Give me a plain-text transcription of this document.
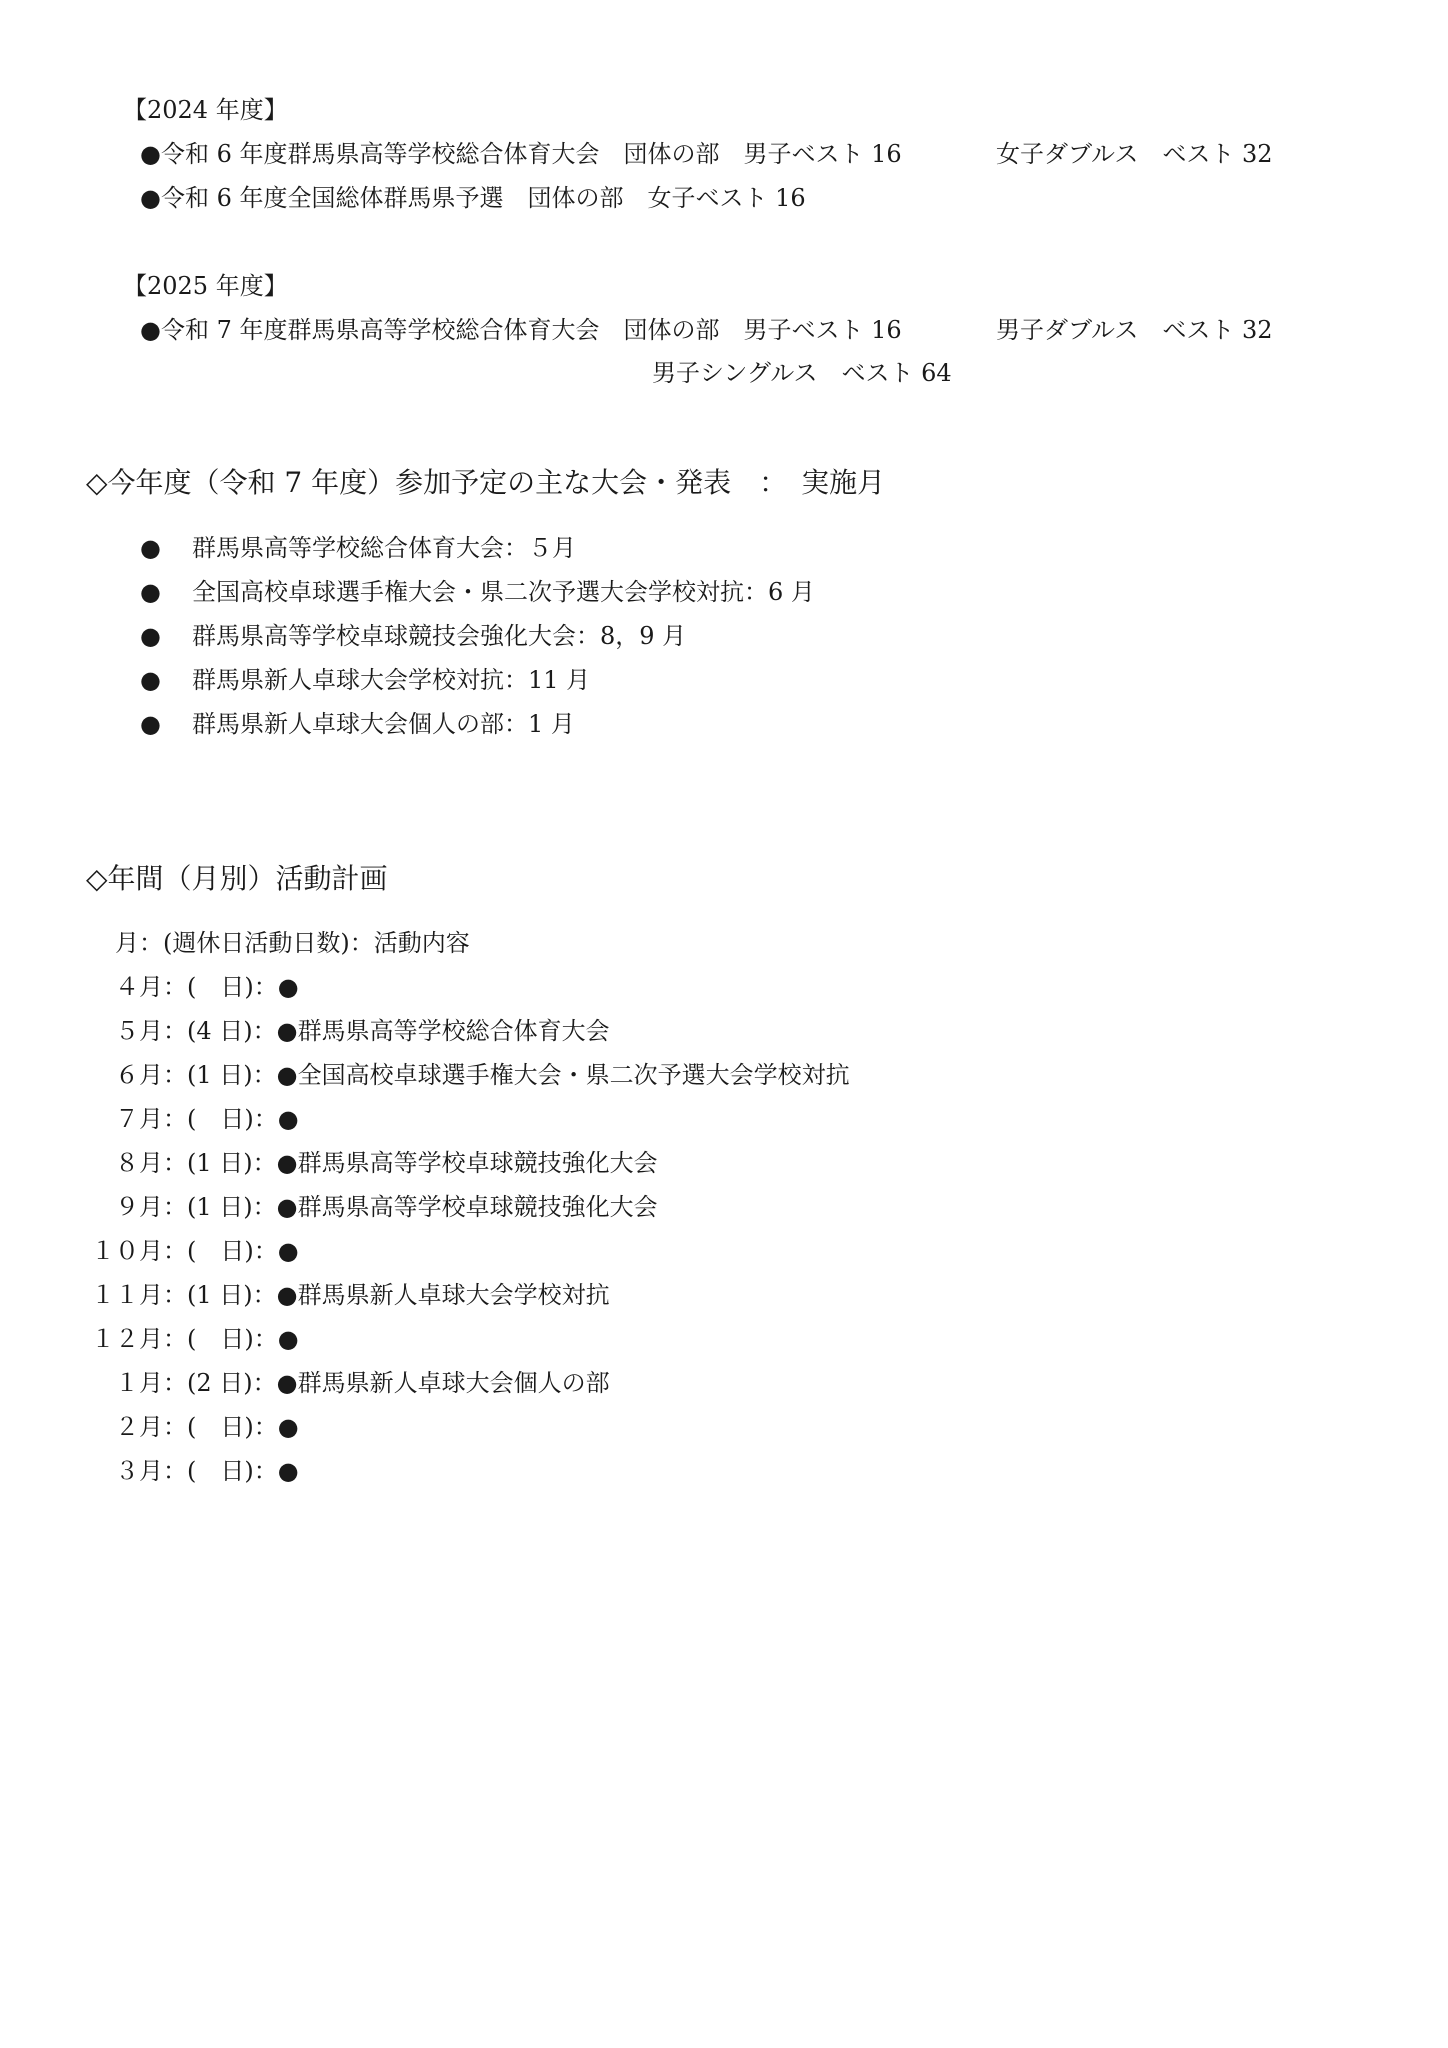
【2024 年度】
●令和 6 年度群馬県高等学校総合体育大会　団体の部　男子ベスト 16	女子ダブルス　ベスト 32
●令和 6 年度全国総体群馬県予選　団体の部　女子ベスト 16
【2025 年度】
●令和 7 年度群馬県高等学校総合体育大会　団体の部　男子ベスト 16	男子ダブルス　ベスト 32
男子シングルス　ベスト 64
◇今年度（令和 7 年度）参加予定の主な大会・発表　：　実施月
● 群馬県高等学校総合体育大会：５月
● 全国高校卓球選手権大会・県二次予選大会学校対抗：6 月
● 群馬県高等学校卓球競技会強化大会：8，9 月
● 群馬県新人卓球大会学校対抗：11 月
● 群馬県新人卓球大会個人の部：1 月
◇年間（月別）活動計画
月：(週休日活動日数)：活動内容
４月：(　日)：●
５月：(4 日)：●群馬県高等学校総合体育大会
６月：(1 日)：●全国高校卓球選手権大会・県二次予選大会学校対抗
７月：(　日)：●
８月：(1 日)：●群馬県高等学校卓球競技強化大会
９月：(1 日)：●群馬県高等学校卓球競技強化大会
１０月：(　日)：●
１１月：(1 日)：●群馬県新人卓球大会学校対抗
１２月：(　日)：●
１月：(2 日)：●群馬県新人卓球大会個人の部
２月：(　日)：●
３月：(　日)：●
